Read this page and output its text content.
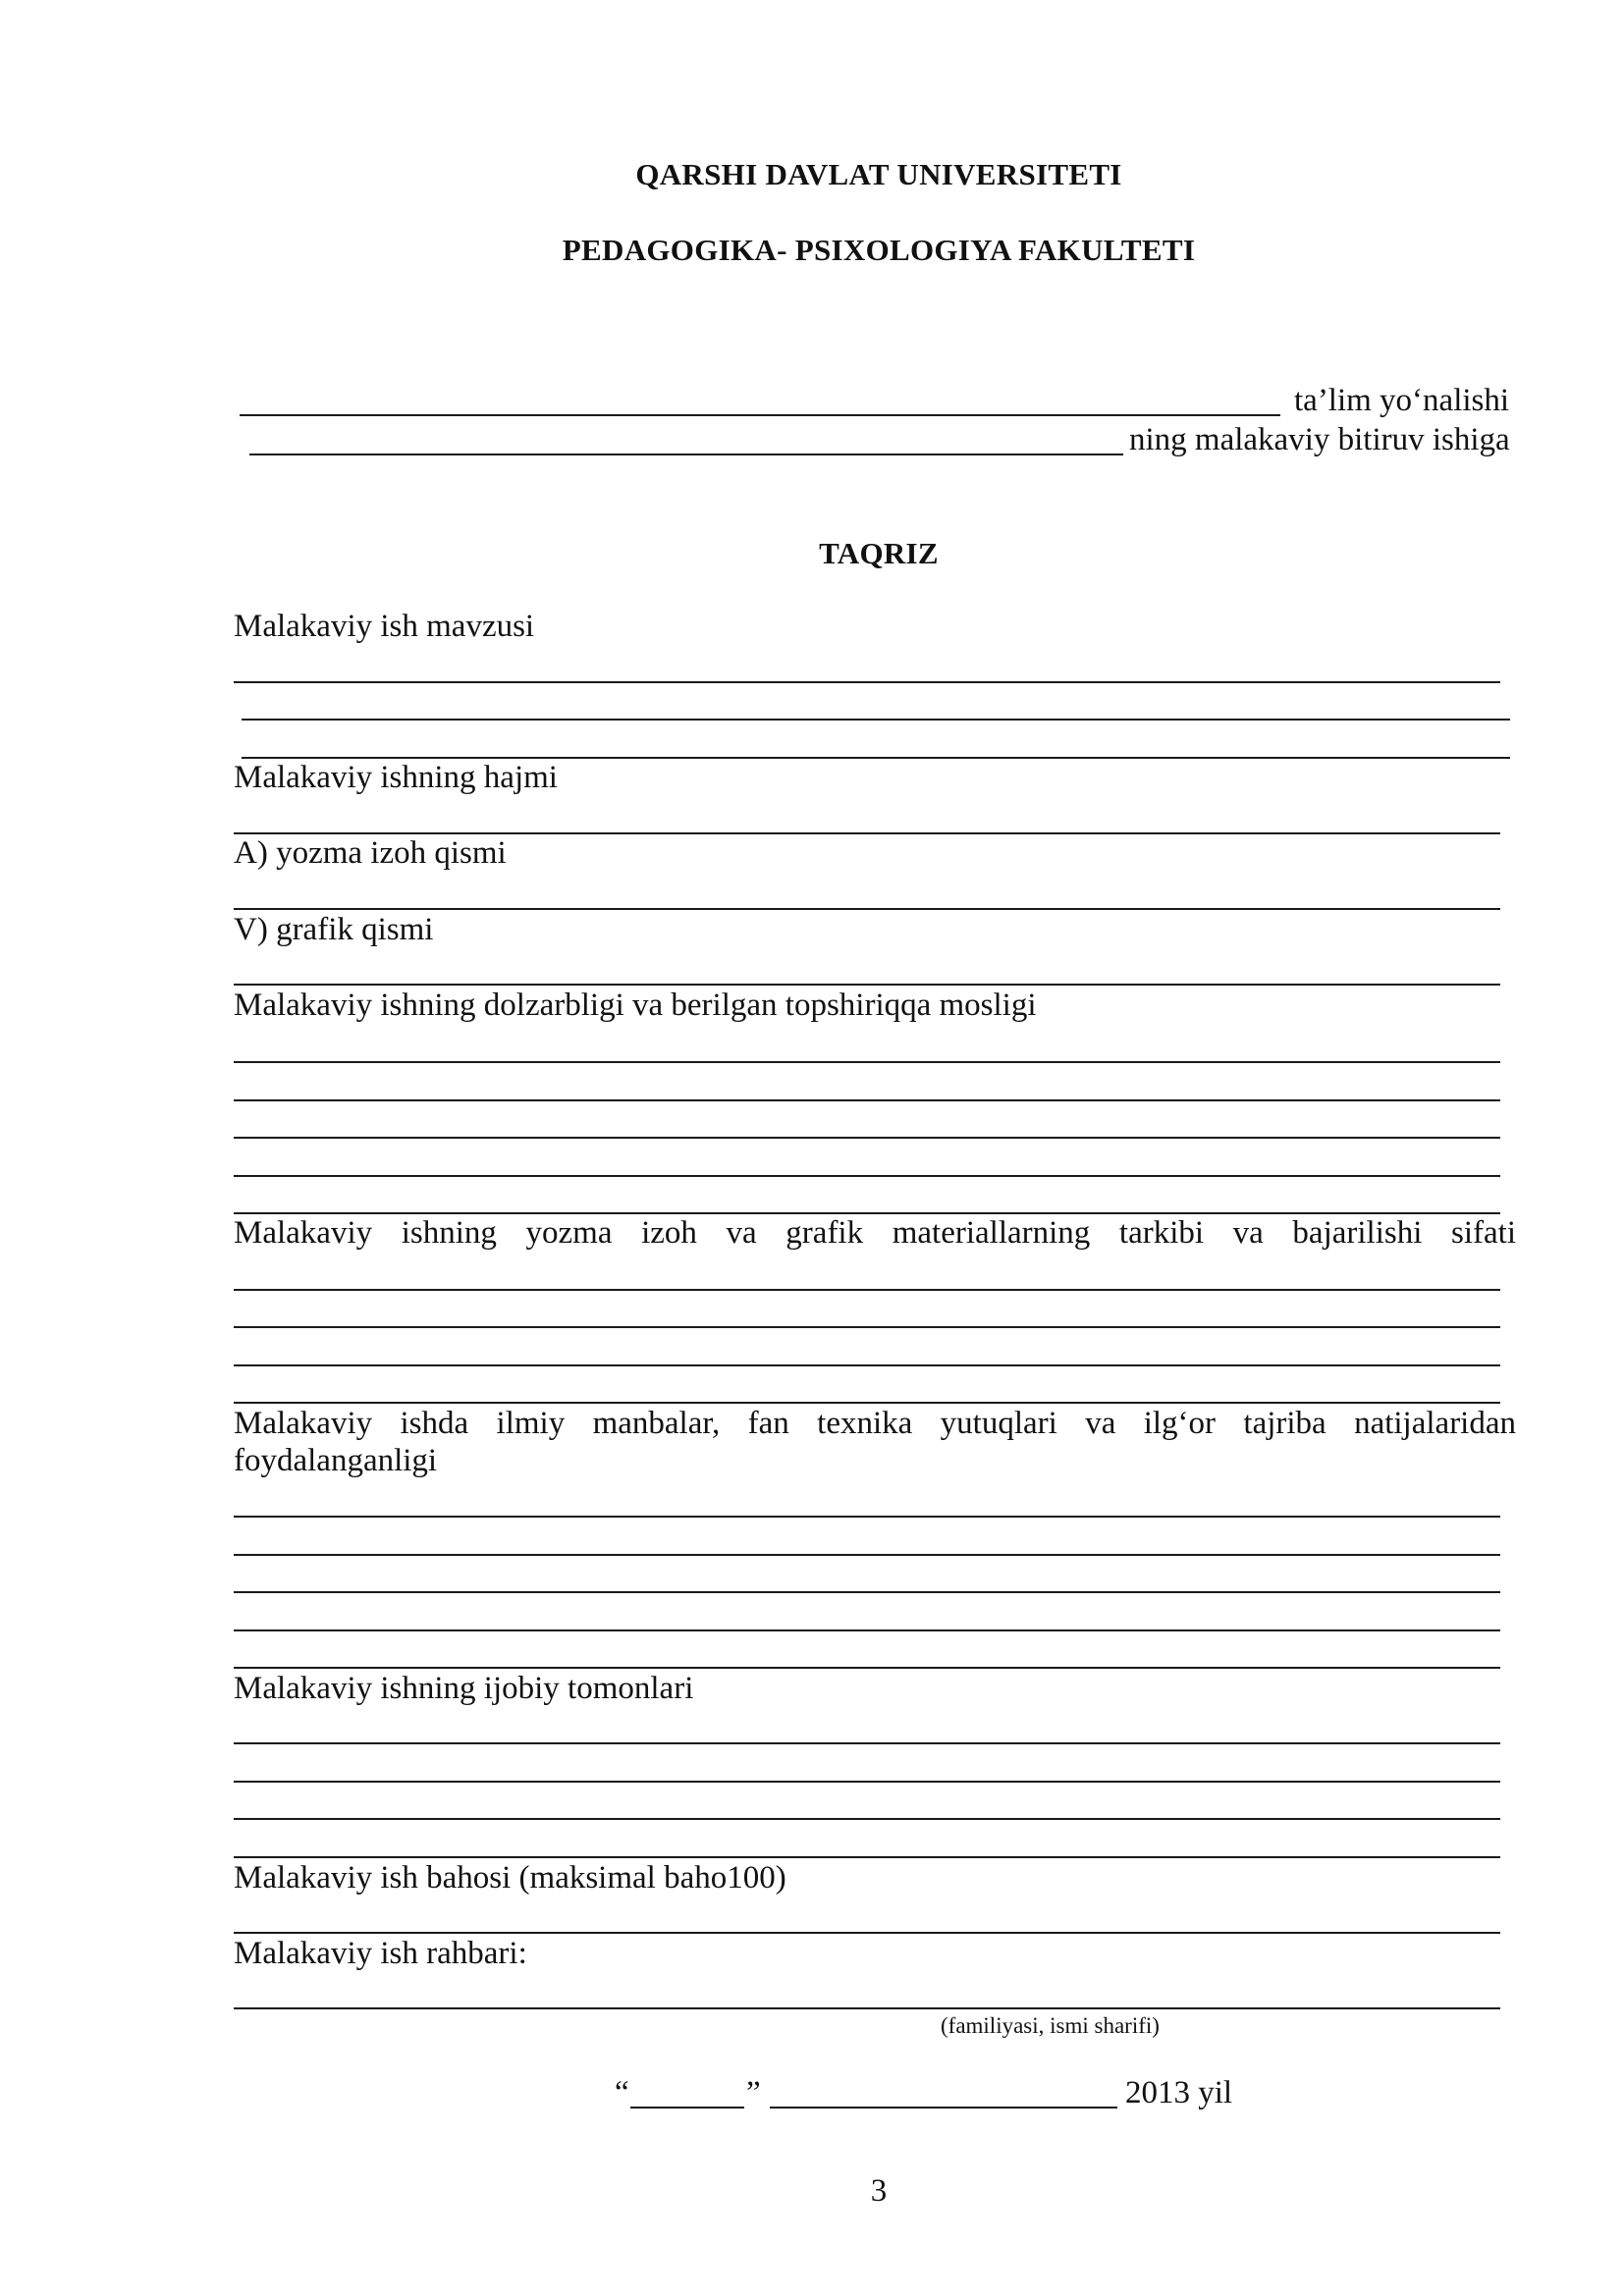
QARSHI DAVLAT UNIVERSITETI
PEDAGOGIKA- PSIXOLOGIYA FAKULTETI
ta’lim yo‘nalishi
ning malakaviy bitiruv ishiga
TAQRIZ
Malakaviy ish mavzusi
Malakaviy ishning hajmi
A) yozma izoh qismi
V) grafik qismi
Malakaviy ishning dolzarbligi va berilgan topshiriqqa mosligi
Malakaviy ishning yozma izoh va grafik materiallarning tarkibi va bajarilishi sifati
Malakaviy ishda ilmiy manbalar, fan texnika yutuqlari va ilg‘or tajriba natijalaridan
foydalanganligi
Malakaviy ishning ijobiy tomonlari
Malakaviy ish bahosi (maksimal baho100)
Malakaviy ish rahbari:
(familiyasi, ismi sharifi)
“	”	2013 yil
3
